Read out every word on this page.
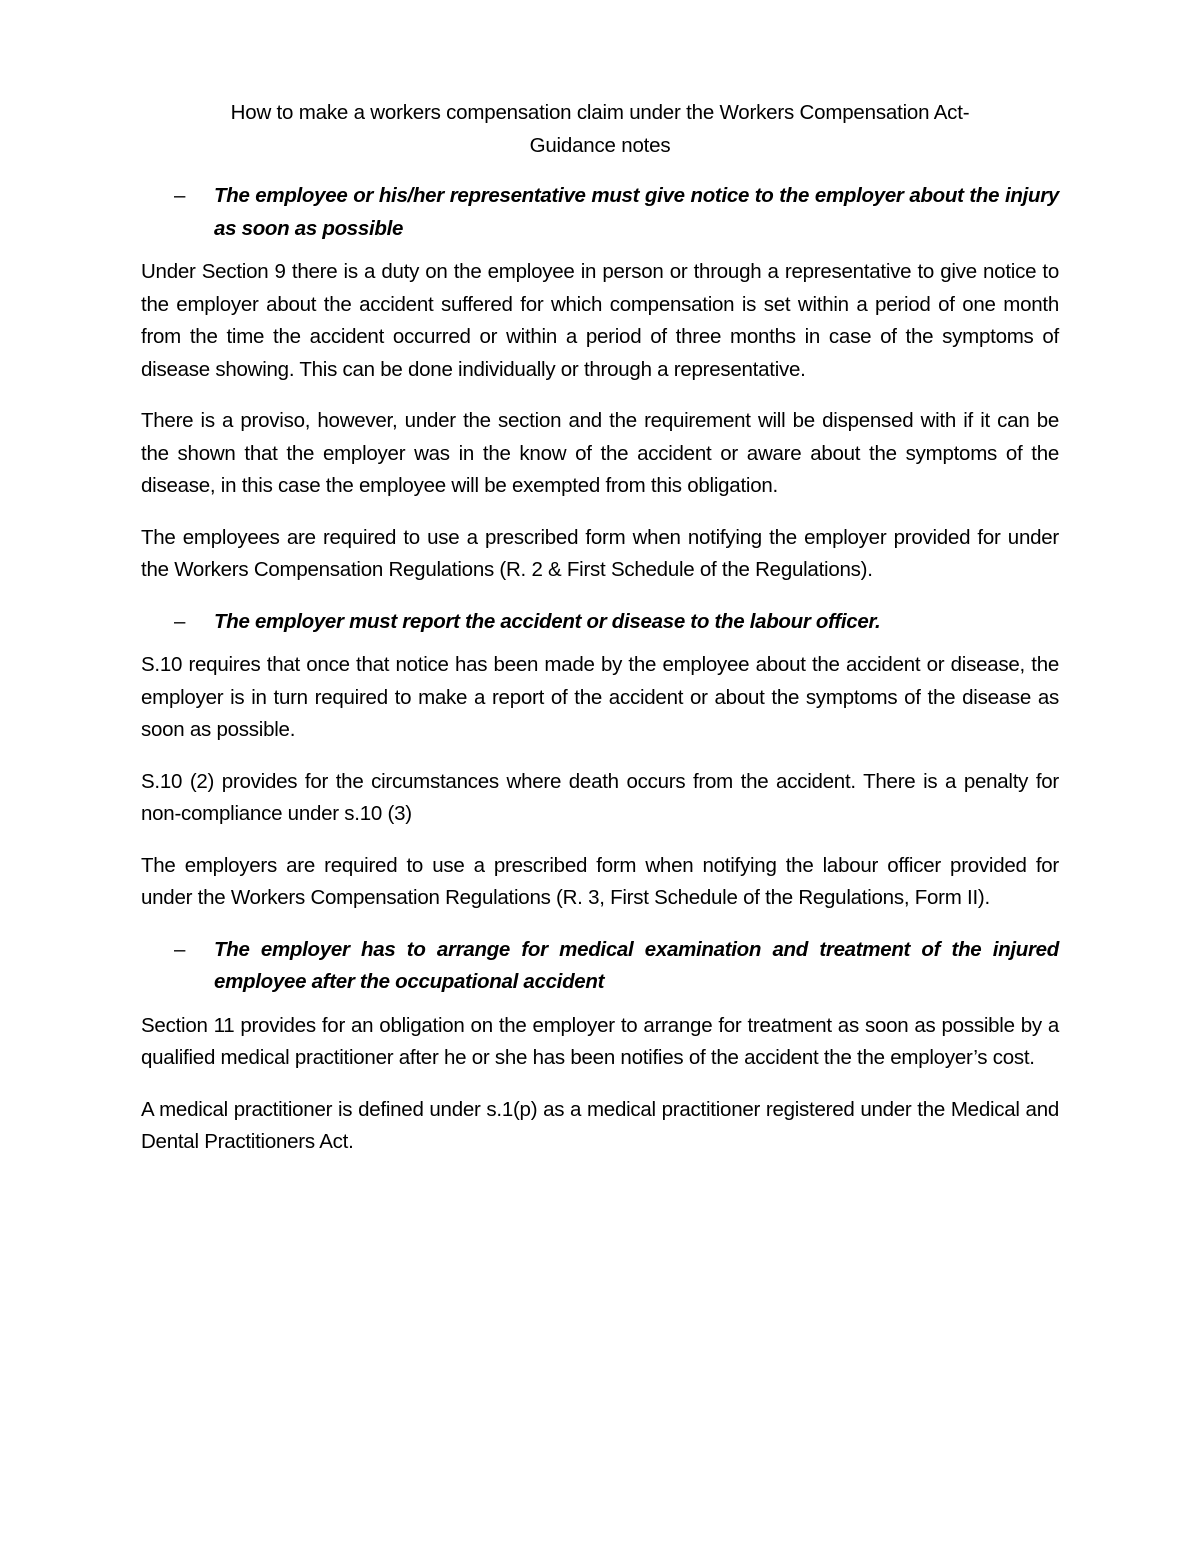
How to make a workers compensation claim under the Workers Compensation Act-
Guidance notes
–	The employee or his/her representative must give notice to the employer about the injury as soon as possible

Under Section 9 there is a duty on the employee in person or through a representative to give notice to the employer about the accident suffered for which compensation is set within a period of one month from the time the accident occurred or within a period of three months in case of the symptoms of disease showing. This can be done individually or through a representative.

There is a proviso, however, under the section and the requirement will be dispensed with if it can be the shown that the employer was in the know of the accident or aware about the symptoms of the disease, in this case the employee will be exempted from this obligation.

The employees are required to use a prescribed form when notifying the employer provided for under the Workers Compensation Regulations (R. 2 & First Schedule of the Regulations).

–	The employer must report the accident or disease to the labour officer.

S.10 requires that once that notice has been made by the employee about the accident or disease, the employer is in turn required to make a report of the accident or about the symptoms of the disease as soon as possible.

S.10 (2) provides for the circumstances where death occurs from the accident. There is a penalty for non-compliance under s.10 (3)

The employers are required to use a prescribed form when notifying the labour officer provided for under the Workers Compensation Regulations (R. 3, First Schedule of the Regulations, Form II).

–	The employer has to arrange for medical examination and treatment of the injured employee after the occupational accident

Section 11 provides for an obligation on the employer to arrange for treatment as soon as possible by a qualified medical practitioner after he or she has been notifies of the accident the the employer’s cost.

A medical practitioner is defined under s.1(p) as a medical practitioner registered under the Medical and Dental Practitioners Act.
